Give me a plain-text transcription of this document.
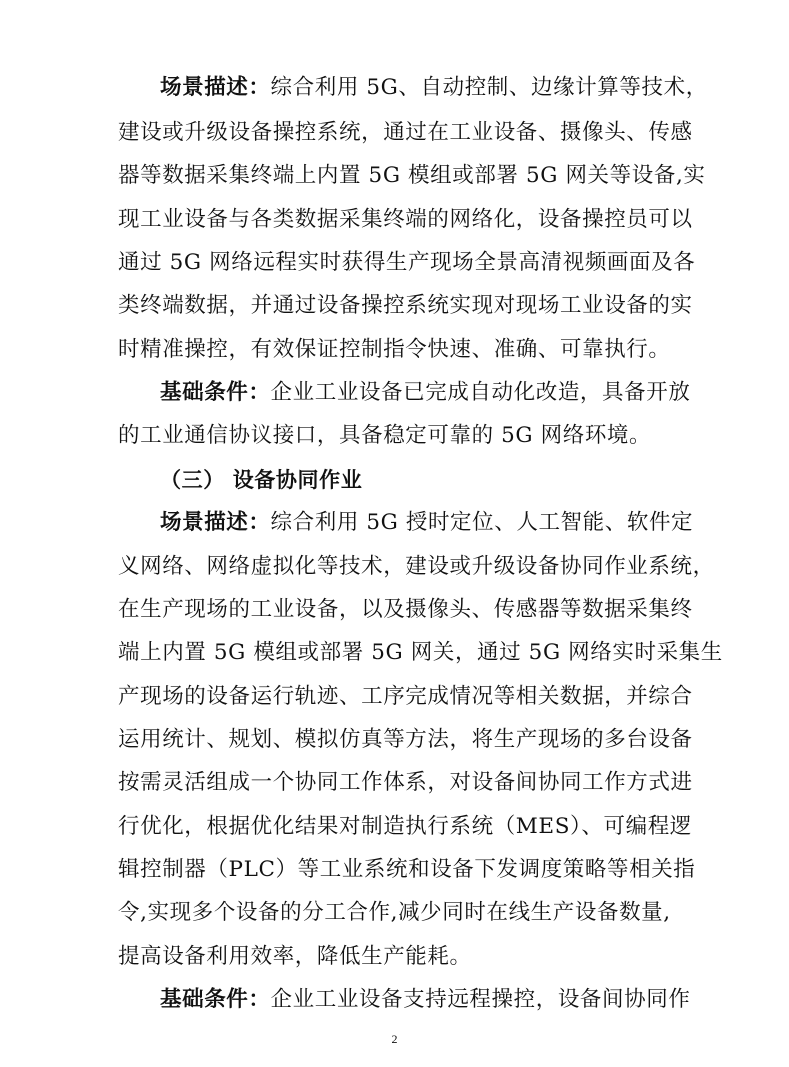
场景描述：综合利用 5G、自动控制、边缘计算等技术，
建设或升级设备操控系统，通过在工业设备、摄像头、传感
器等数据采集终端上内置 5G 模组或部署 5G 网关等设备,实
现工业设备与各类数据采集终端的网络化，设备操控员可以
通过 5G 网络远程实时获得生产现场全景高清视频画面及各
类终端数据，并通过设备操控系统实现对现场工业设备的实
时精准操控，有效保证控制指令快速、准确、可靠执行。
基础条件：企业工业设备已完成自动化改造，具备开放
的工业通信协议接口，具备稳定可靠的 5G 网络环境。
（三） 设备协同作业
场景描述：综合利用 5G 授时定位、人工智能、软件定
义网络、网络虚拟化等技术，建设或升级设备协同作业系统，
在生产现场的工业设备，以及摄像头、传感器等数据采集终
端上内置 5G 模组或部署 5G 网关，通过 5G 网络实时采集生
产现场的设备运行轨迹、工序完成情况等相关数据，并综合
运用统计、规划、模拟仿真等方法，将生产现场的多台设备
按需灵活组成一个协同工作体系，对设备间协同工作方式进
行优化，根据优化结果对制造执行系统（MES）、可编程逻
辑控制器（PLC）等工业系统和设备下发调度策略等相关指
令,实现多个设备的分工合作,减少同时在线生产设备数量,
提高设备利用效率，降低生产能耗。
基础条件：企业工业设备支持远程操控，设备间协同作
2
